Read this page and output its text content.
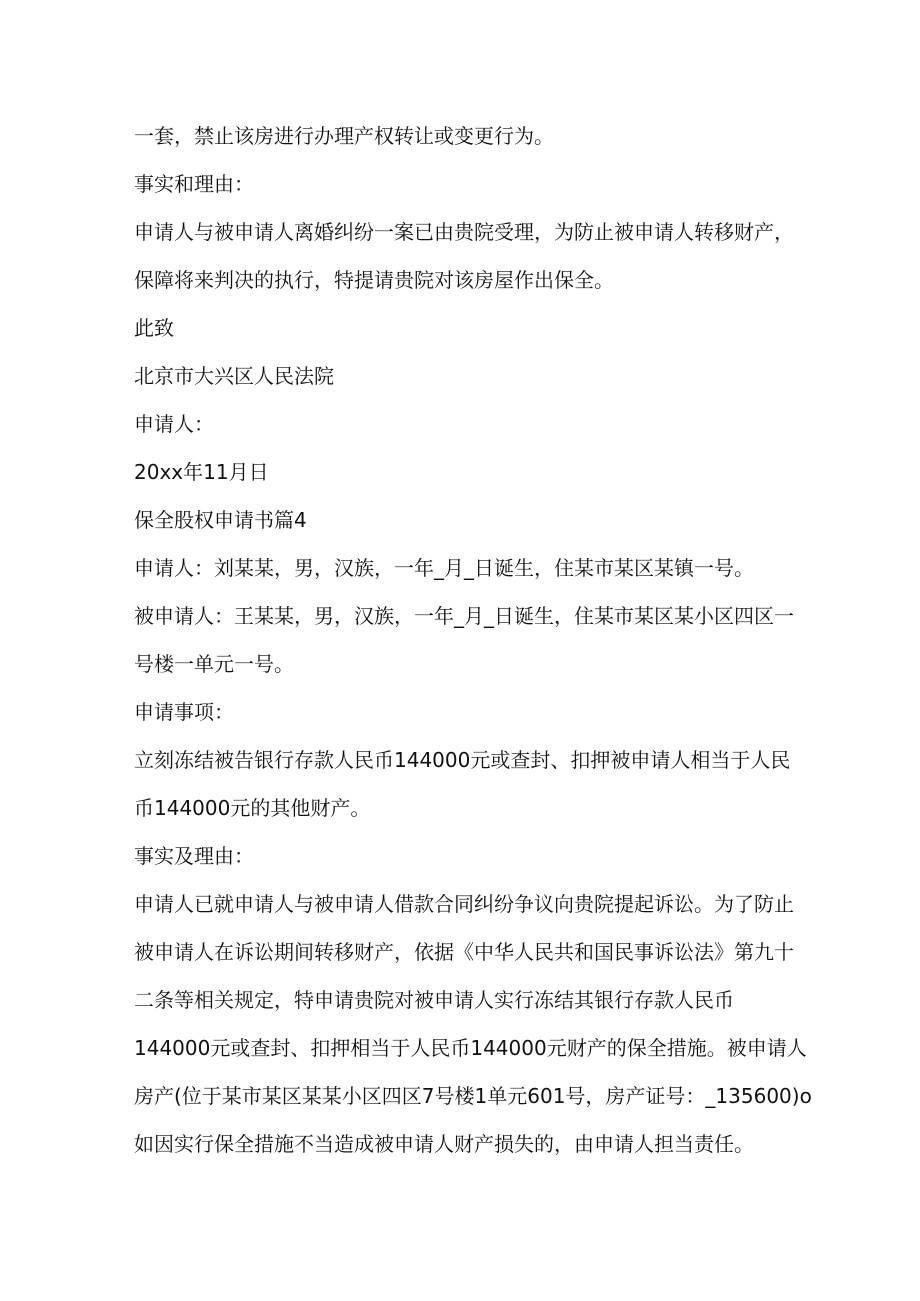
一套，禁止该房进行办理产权转让或变更行为。

事实和理由：

申请人与被申请人离婚纠纷一案已由贵院受理，为防止被申请人转移财产，

保障将来判决的执行，特提请贵院对该房屋作出保全。

此致

北京市大兴区人民法院

申请人：

20xx年11月日

保全股权申请书篇4

申请人：刘某某，男，汉族，一年_月_日诞生，住某市某区某镇一号。

被申请人：王某某，男，汉族，一年_月_日诞生，住某市某区某小区四区一

号楼一单元一号。

申请事项：

立刻冻结被告银行存款人民币144000元或查封、扣押被申请人相当于人民

币144000元的其他财产。

事实及理由：

申请人已就申请人与被申请人借款合同纠纷争议向贵院提起诉讼。为了防止

被申请人在诉讼期间转移财产，依据《中华人民共和国民事诉讼法》第九十

二条等相关规定，特申请贵院对被申请人实行冻结其银行存款人民币

144000元或查封、扣押相当于人民币144000元财产的保全措施。被申请人

房产(位于某市某区某某小区四区7号楼1单元601号，房产证号：_135600)o

如因实行保全措施不当造成被申请人财产损失的，由申请人担当责任。
